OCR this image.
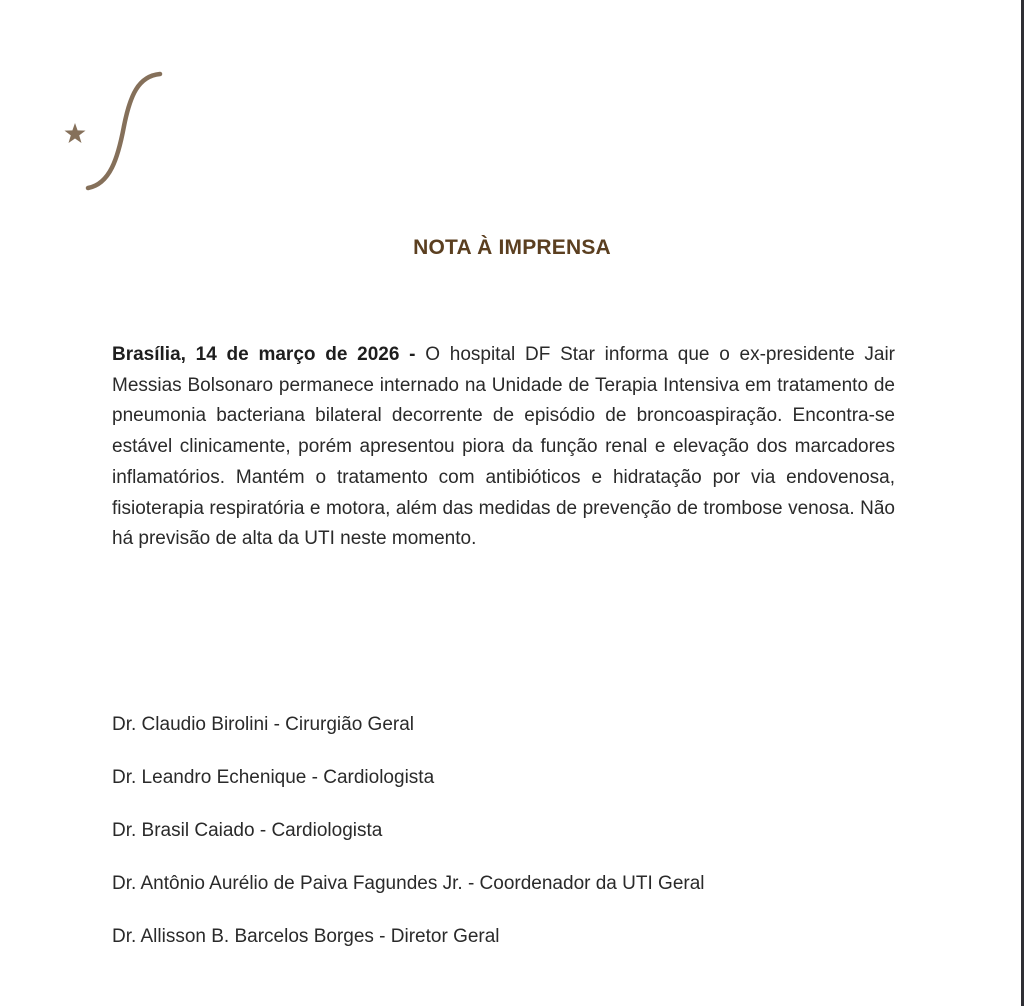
NOTA À IMPRENSA

Brasília, 14 de março de 2026 - O hospital DF Star informa que o ex-presidente Jair Messias Bolsonaro permanece internado na Unidade de Terapia Intensiva em tratamento de pneumonia bacteriana bilateral decorrente de episódio de broncoaspiração. Encontra-se estável clinicamente, porém apresentou piora da função renal e elevação dos marcadores inflamatórios. Mantém o tratamento com antibióticos e hidratação por via endovenosa, fisioterapia respiratória e motora, além das medidas de prevenção de trombose venosa. Não há previsão de alta da UTI neste momento.

Dr. Claudio Birolini - Cirurgião Geral
Dr. Leandro Echenique - Cardiologista
Dr. Brasil Caiado - Cardiologista
Dr. Antônio Aurélio de Paiva Fagundes Jr. - Coordenador da UTI Geral
Dr. Allisson B. Barcelos Borges - Diretor Geral
